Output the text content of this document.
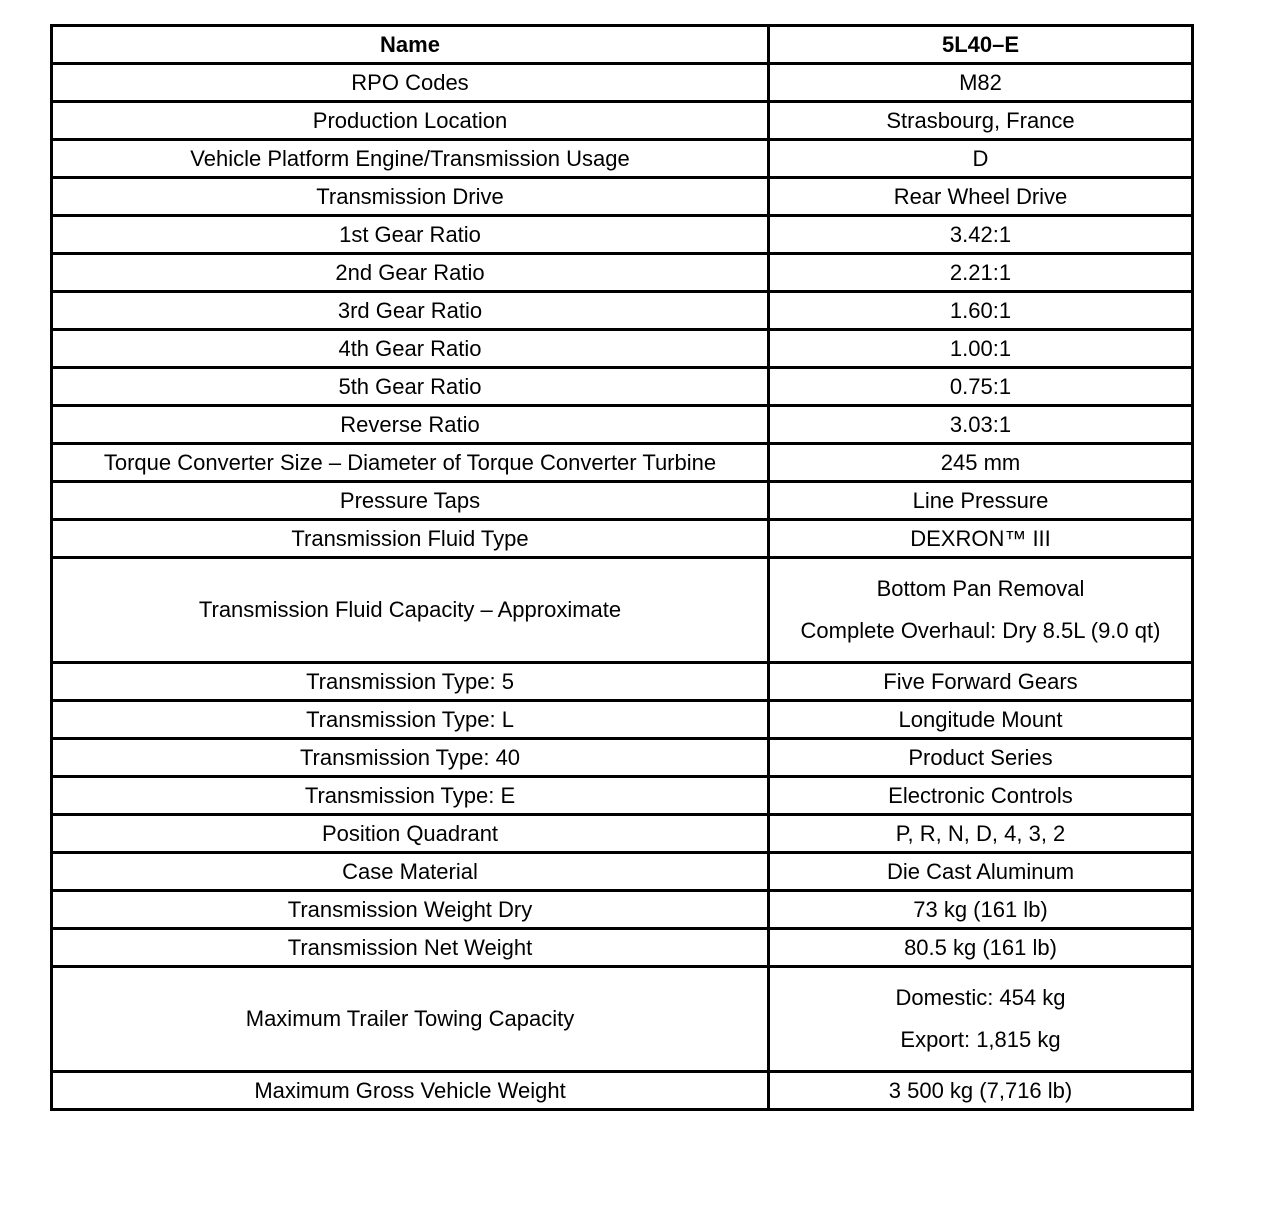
Name	5L40–E
RPO Codes	M82
Production Location	Strasbourg, France
Vehicle Platform Engine/Transmission Usage	D
Transmission Drive	Rear Wheel Drive
1st Gear Ratio	3.42:1
2nd Gear Ratio	2.21:1
3rd Gear Ratio	1.60:1
4th Gear Ratio	1.00:1
5th Gear Ratio	0.75:1
Reverse Ratio	3.03:1
Torque Converter Size – Diameter of Torque Converter Turbine	245 mm
Pressure Taps	Line Pressure
Transmission Fluid Type	DEXRON™ III
Transmission Fluid Capacity – Approximate	Bottom Pan Removal
Complete Overhaul: Dry 8.5L (9.0 qt)

Transmission Type: 5	Five Forward Gears
Transmission Type: L	Longitude Mount
Transmission Type: 40	Product Series
Transmission Type: E	Electronic Controls
Position Quadrant	P, R, N, D, 4, 3, 2
Case Material	Die Cast Aluminum
Transmission Weight Dry	73 kg (161 lb)
Transmission Net Weight	80.5 kg (161 lb)
Maximum Trailer Towing Capacity	Domestic: 454 kg
Export: 1,815 kg

Maximum Gross Vehicle Weight	3 500 kg (7,716 lb)
